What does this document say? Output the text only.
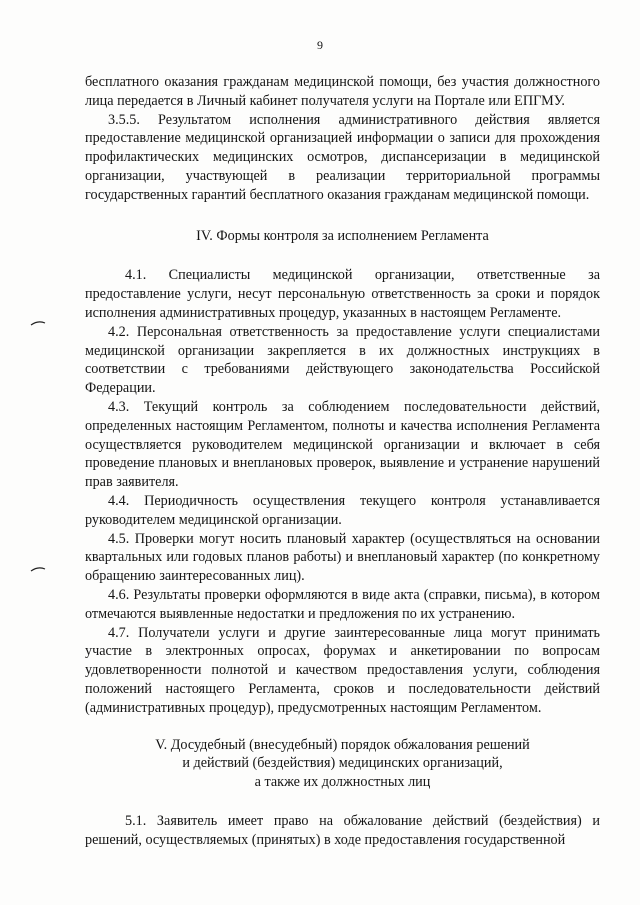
9

бесплатного оказания гражданам медицинской помощи, без участия должностного лица передается в Личный кабинет получателя услуги на Портале или ЕПГМУ.

3.5.5. Результатом исполнения административного действия является предоставление медицинской организацией информации о записи для прохождения профилактических медицинских осмотров, диспансеризации в медицинской организации, участвующей в реализации территориальной программы государственных гарантий бесплатного оказания гражданам медицинской помощи.

IV. Формы контроля за исполнением Регламента

4.1. Специалисты медицинской организации, ответственные за предоставление услуги, несут персональную ответственность за сроки и порядок исполнения административных процедур, указанных в настоящем Регламенте.

4.2. Персональная ответственность за предоставление услуги специалистами медицинской организации закрепляется в их должностных инструкциях в соответствии с требованиями действующего законодательства Российской Федерации.

4.3. Текущий контроль за соблюдением последовательности действий, определенных настоящим Регламентом, полноты и качества исполнения Регламента осуществляется руководителем медицинской организации и включает в себя проведение плановых и внеплановых проверок, выявление и устранение нарушений прав заявителя.

4.4. Периодичность осуществления текущего контроля устанавливается руководителем медицинской организации.

4.5. Проверки могут носить плановый характер (осуществляться на основании квартальных или годовых планов работы) и внеплановый характер (по конкретному обращению заинтересованных лиц).

4.6. Результаты проверки оформляются в виде акта (справки, письма), в котором отмечаются выявленные недостатки и предложения по их устранению.

4.7. Получатели услуги и другие заинтересованные лица могут принимать участие в электронных опросах, форумах и анкетировании по вопросам удовлетворенности полнотой и качеством предоставления услуги, соблюдения положений настоящего Регламента, сроков и последовательности действий (административных процедур), предусмотренных настоящим Регламентом.

V. Досудебный (внесудебный) порядок обжалования решений
и действий (бездействия) медицинских организаций,
а также их должностных лиц

5.1. Заявитель имеет право на обжалование действий (бездействия) и решений, осуществляемых (принятых) в ходе предоставления государственной
